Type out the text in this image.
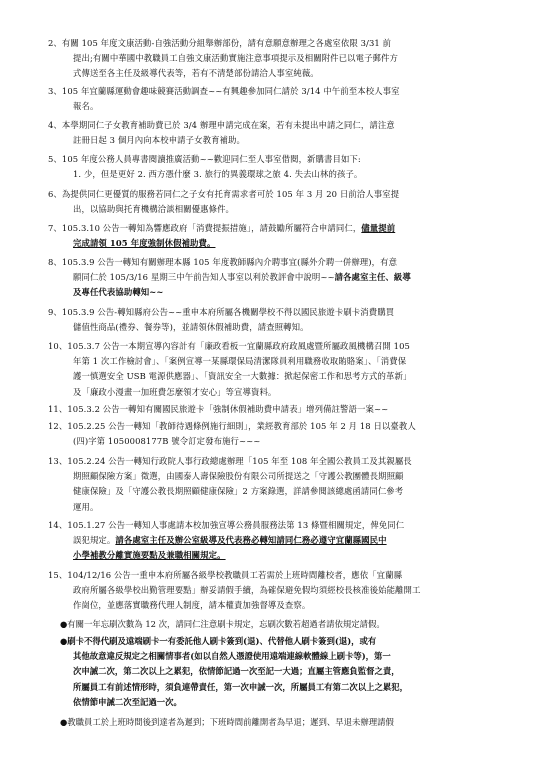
2、有關 105 年度文康活動-自強活動分組舉辦部份，請有意願意辦理之各處室依限 3/31 前
提出;有關中華國中教職員工自強文康活動實施注意事項提示及相關附件已以電子郵件方
式傳送至各主任及級導代表等，若有不清楚部份請洽人事室純薇。
3、105 年宜蘭縣運動會趣味競賽活動調查~~有興趣參加同仁請於 3/14 中午前至本校人事室
報名。
4、本學期同仁子女教育補助費已於 3/4 辦理申請完成在案，若有未提出申請之同仁，請注意
註冊日起 3 個月內向本校申請子女教育補助。
5、105 年度公務人員專書閱讀推廣活動~~歡迎同仁至人事室借閱，新購書目如下:
1. 少，但是更好 2. 西方憑什麼 3. 旅行的異義環球之旅 4. 失去山林的孩子。
6、為提供同仁更優質的服務若同仁之子女有托育需求者可於 105 年 3 月 20 日前洽人事室提
出，以協助與托育機構洽談相關優惠條件。
7、105.3.10 公告一轉知為響應政府「消費提振措施」，請鼓勵所屬符合申請同仁，儘量提前
完成請領 105 年度強制休假補助費。
8、105.3.9 公告一轉知有關辦理本縣 105 年度教師縣內介聘事宜(縣外介聘一併辦理)，有意
願同仁於 105/3/16 星期三中午前告知人事室以利於教評會中說明~~請各處室主任、級導
及專任代表協助轉知~~
9、105.3.9 公告-轉知縣府公告~~重申本府所屬各機關學校不得以國民旅遊卡刷卡消費購買
儲值性商品(禮券、餐券等)，並請領休假補助費，請查照轉知。
10、105.3.7 公告一本期宣導內容計有「廉政看板一宜蘭縣政府政風處暨所屬政風機構召開 105
年第 1 次工作檢討會」、「案例宣導一某縣環保局清潔隊員利用職務收取賄賂案」、「消費保
護一慎選安全 USB 電源供應器」、「資訊安全一大數據：掀起保密工作和思考方式的革新」
及「廉政小漫畫一加班費怎麼領才安心」等宣導資料。
11、105.3.2 公告一轉知有關國民旅遊卡「強制休假補助費申請表」增列備註警語一案~~
12、105.2.25 公告一轉知「教師待遇條例施行細則」，業經教育部於 105 年 2 月 18 日以臺教人
(四)字第 1050008177B 號令訂定發布施行~~~
13、105.2.24 公告一轉知行政院人事行政總處辦理「105 年至 108 年全國公教員工及其親屬長
期照顧保險方案」徵選，由國泰人壽保險股份有限公司所提送之「守護公教團體長期照顧
健康保險」及「守護公教長期照顧健康保險」2 方案錄選，詳請參閱該總處函請同仁參考
運用。
14、105.1.27 公告一轉知人事處請本校加強宣導公務員服務法第 13 條暨相關規定，俾免同仁
誤犯規定。請各處室主任及辦公室級導及代表務必轉知請同仁務必遵守宜蘭縣國民中
小學補教分離實施要點及兼職相關規定。
15、104/12/16 公告一重申本府所屬各級學校教職員工若需於上班時間離校者，應依「宜蘭縣
政府所屬各級學校出勤管理要點」辦妥請假手續，為確保避免假均須經校長核准後始能離開工
作崗位，並應落實職務代理人制度，請本權責加強督導及查察。
●有關一年忘刷次數為 12 次，請同仁注意刷卡規定，忘刷次數若超過者請依規定請假。
●刷卡不得代刷及遠端刷卡一有委託他人刷卡簽到(退)、代替他人刷卡簽到(退)，或有
其他故意違反規定之相關情事者(如以自然人憑證使用遠端連線軟體線上刷卡等)，第一
次申誡二次，第二次以上之累犯，依情節記過一次至記一大過；直屬主管應負監督之責，
所屬員工有前述情形時，須負連帶責任，第一次申誡一次，所屬員工有第二次以上之累犯，
依情節申誡二次至記過一次。
●教職員工於上班時間後到達者為遲到；下班時間前離開者為早退；遲到、早退未辦理請假
